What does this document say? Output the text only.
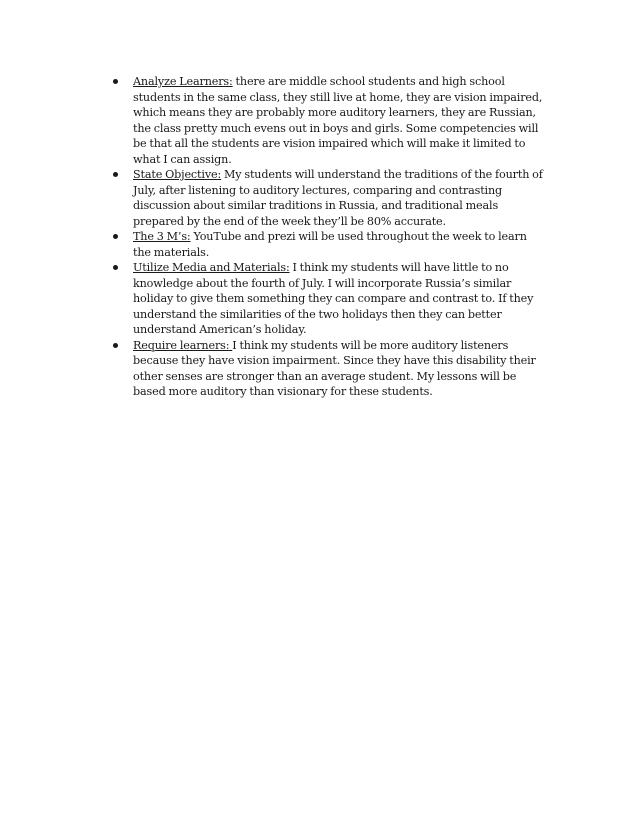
Analyze Learners: there are middle school students and high school students in the same class, they still live at home, they are vision impaired, which means they are probably more auditory learners, they are Russian, the class pretty much evens out in boys and girls. Some competencies will be that all the students are vision impaired which will make it limited to what I can assign.
State Objective: My students will understand the traditions of the fourth of July, after listening to auditory lectures, comparing and contrasting discussion about similar traditions in Russia, and traditional meals prepared by the end of the week they’ll be 80% accurate.
The 3 M’s: YouTube and prezi will be used throughout the week to learn the materials.
Utilize Media and Materials: I think my students will have little to no knowledge about the fourth of July. I will incorporate Russia’s similar holiday to give them something they can compare and contrast to. If they understand the similarities of the two holidays then they can better understand American’s holiday.
Require learners: I think my students will be more auditory listeners because they have vision impairment. Since they have this disability their other senses are stronger than an average student. My lessons will be based more auditory than visionary for these students.
